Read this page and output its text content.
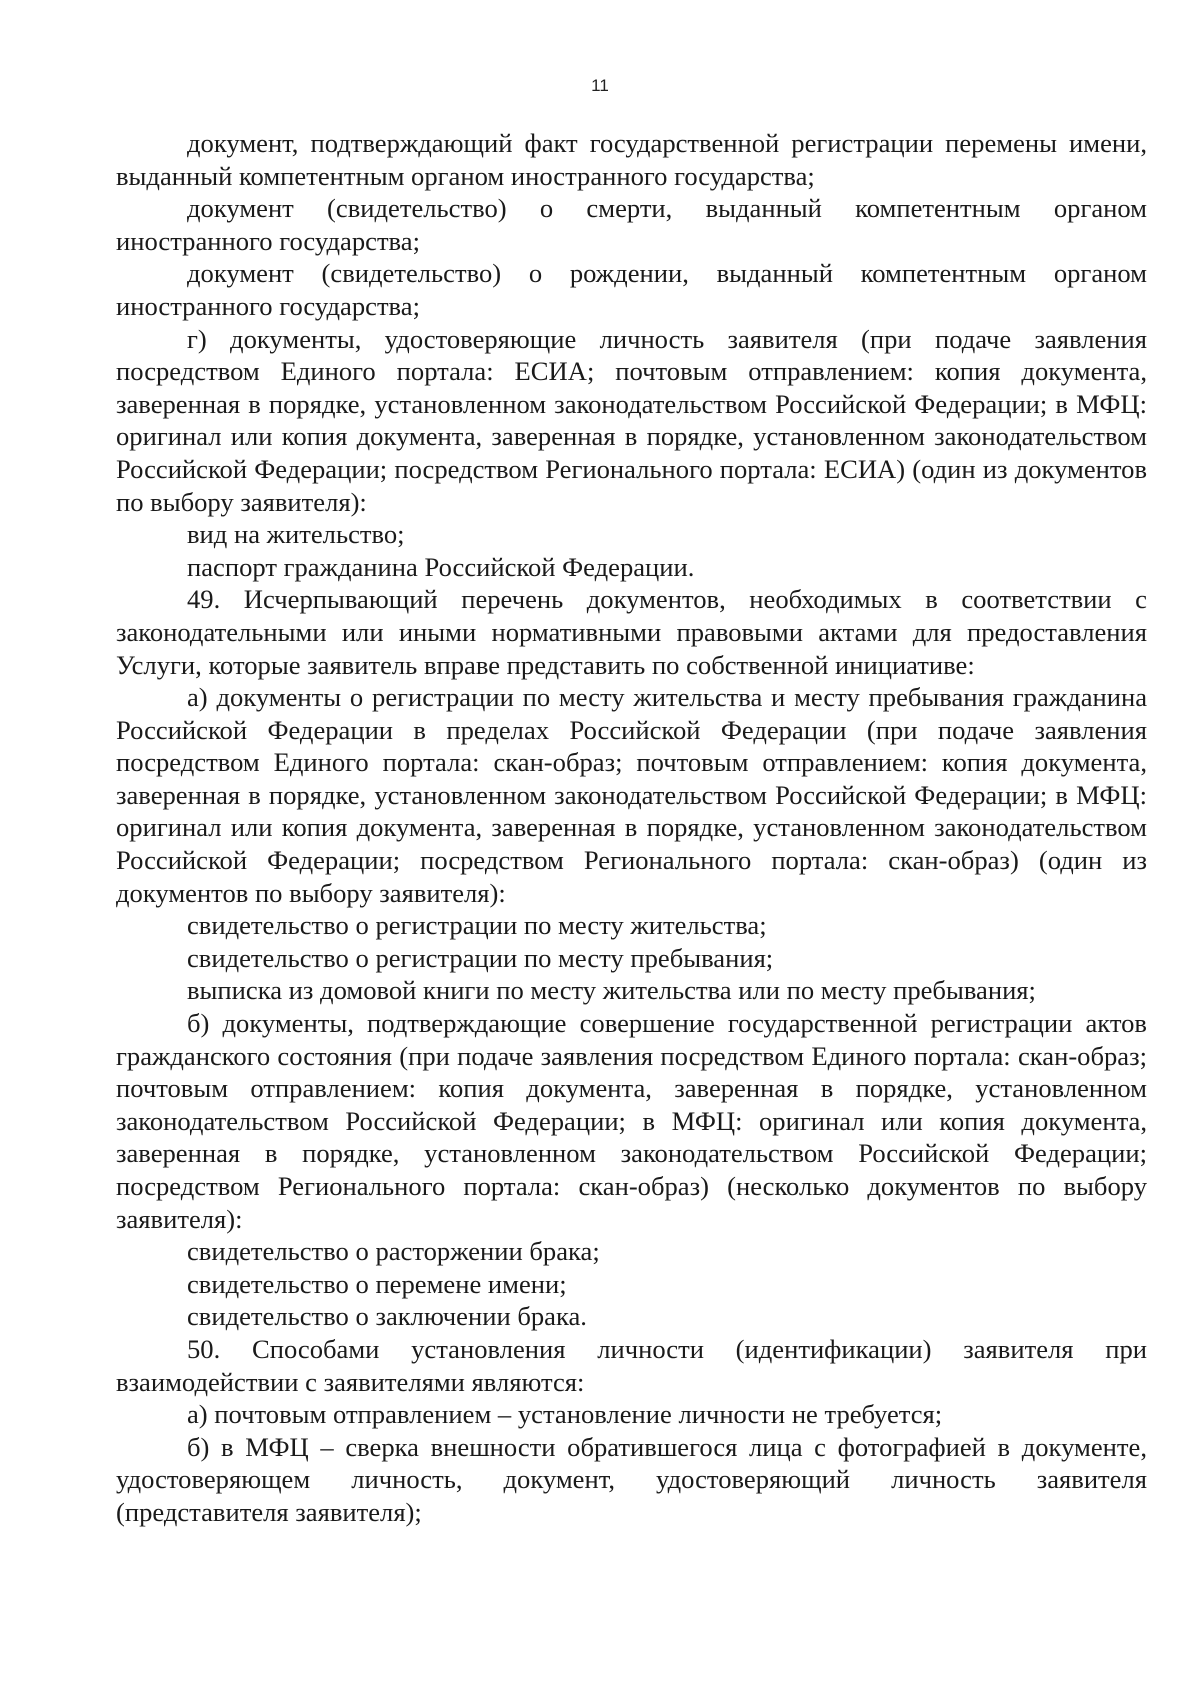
11

документ, подтверждающий факт государственной регистрации перемены имени, выданный компетентным органом иностранного государства;

документ (свидетельство) о смерти, выданный компетентным органом иностранного государства;

документ (свидетельство) о рождении, выданный компетентным органом иностранного государства;

г) документы, удостоверяющие личность заявителя (при подаче заявления посредством Единого портала: ЕСИА; почтовым отправлением: копия документа, заверенная в порядке, установленном законодательством Российской Федерации; в МФЦ: оригинал или копия документа, заверенная в порядке, установленном законодательством Российской Федерации; посредством Регионального портала: ЕСИА) (один из документов по выбору заявителя):

вид на жительство;

паспорт гражданина Российской Федерации.

49. Исчерпывающий перечень документов, необходимых в соответствии с законодательными или иными нормативными правовыми актами для предоставления Услуги, которые заявитель вправе представить по собственной инициативе:

а) документы о регистрации по месту жительства и месту пребывания гражданина Российской Федерации в пределах Российской Федерации (при подаче заявления посредством Единого портала: скан-образ; почтовым отправлением: копия документа, заверенная в порядке, установленном законодательством Российской Федерации; в МФЦ: оригинал или копия документа, заверенная в порядке, установленном законодательством Российской Федерации; посредством Регионального портала: скан-образ) (один из документов по выбору заявителя):

свидетельство о регистрации по месту жительства;

свидетельство о регистрации по месту пребывания;

выписка из домовой книги по месту жительства или по месту пребывания;

б) документы, подтверждающие совершение государственной регистрации актов гражданского состояния (при подаче заявления посредством Единого портала: скан-образ; почтовым отправлением: копия документа, заверенная в порядке, установленном законодательством Российской Федерации; в МФЦ: оригинал или копия документа, заверенная в порядке, установленном законодательством Российской Федерации; посредством Регионального портала: скан-образ) (несколько документов по выбору заявителя):

свидетельство о расторжении брака;

свидетельство о перемене имени;

свидетельство о заключении брака.

50. Способами установления личности (идентификации) заявителя при взаимодействии с заявителями являются:

а) почтовым отправлением – установление личности не требуется;

б) в МФЦ – сверка внешности обратившегося лица с фотографией в документе, удостоверяющем личность, документ, удостоверяющий личность заявителя (представителя заявителя);
